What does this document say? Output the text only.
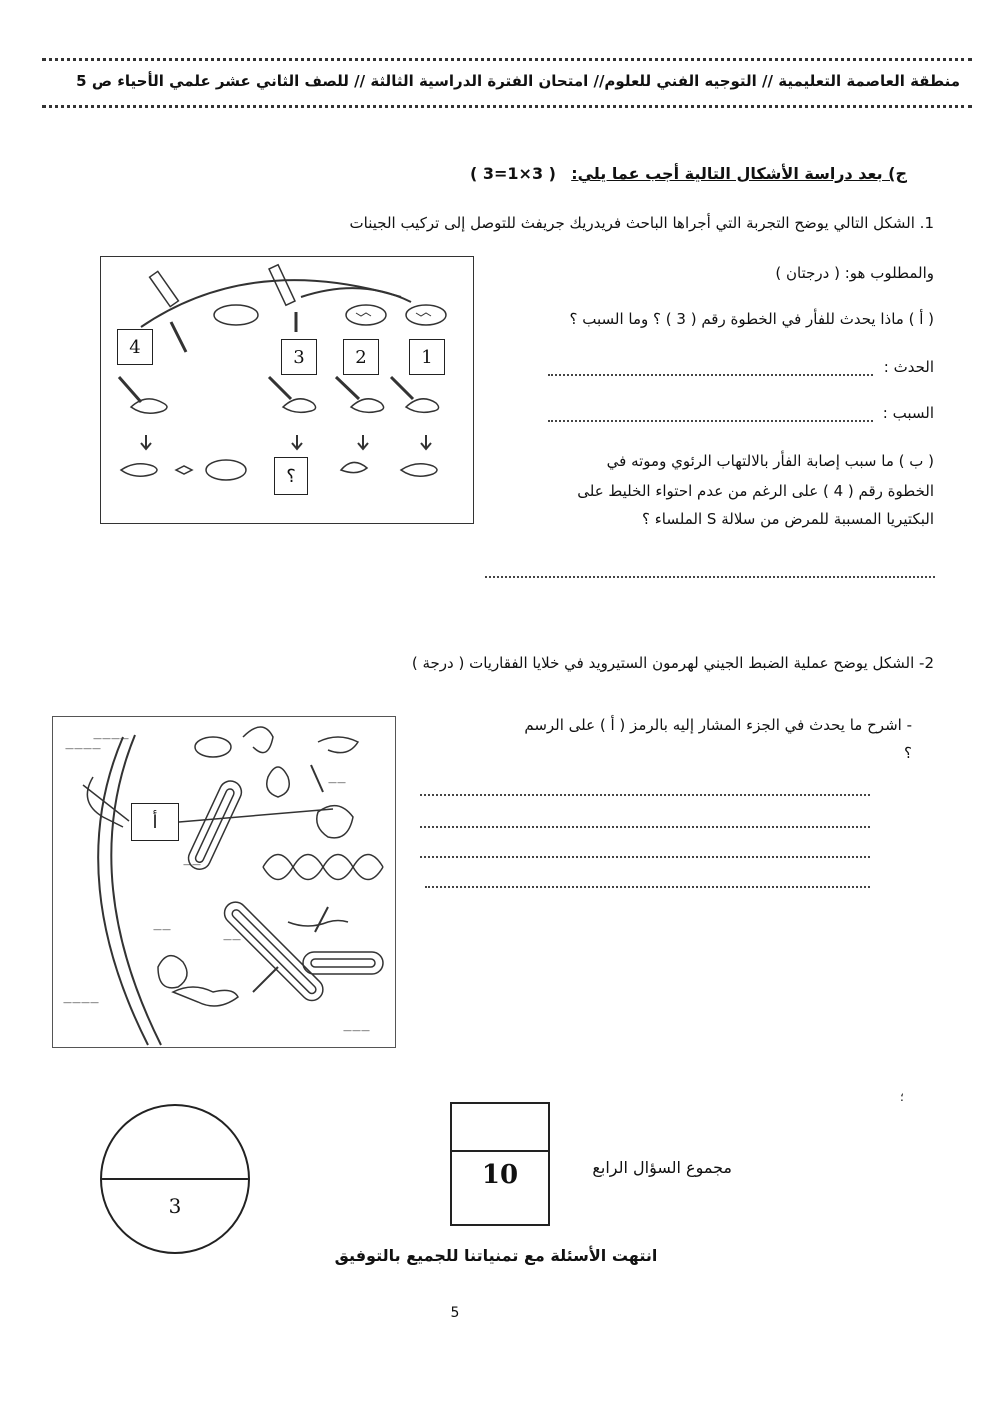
منطقة العاصمة التعليمية // التوجيه الفني للعلوم// امتحان الفترة الدراسية الثالثة // للصف الثاني عشر علمي الأحياء ص 5
ج) بعد دراسة الأشكال التالية أجب عما يلي:
( 3=1×3 )
1. الشكل التالي يوضح التجربة التي أجراها الباحث فريدريك جريفث للتوصل إلى تركيب الجينات
والمطلوب هو: ( درجتان )
( أ ) ماذا يحدث للفأر في الخطوة رقم ( 3 ) ؟ وما السبب ؟
الحدث :
السبب :
( ب ) ما سبب إصابة الفأر بالالتهاب الرئوي وموته في
الخطوة رقم ( 4 ) على الرغم من عدم احتواء الخليط على
البكتيريا المسببة للمرض من سلالة S الملساء ؟
4	3	2	1
؟
2- الشكل يوضح عملية الضبط الجيني لهرمون الستيرويد في خلايا الفقاريات ( درجة )
- اشرح ما يحدث في الجزء المشار إليه بالرمز ( أ ) على الرسم
؟
————
————
——
——
——
——
————
———
أ
؛
3
10	مجموع السؤال الرابع
انتهت الأسئلة مع تمنياتنا للجميع بالتوفيق
5
